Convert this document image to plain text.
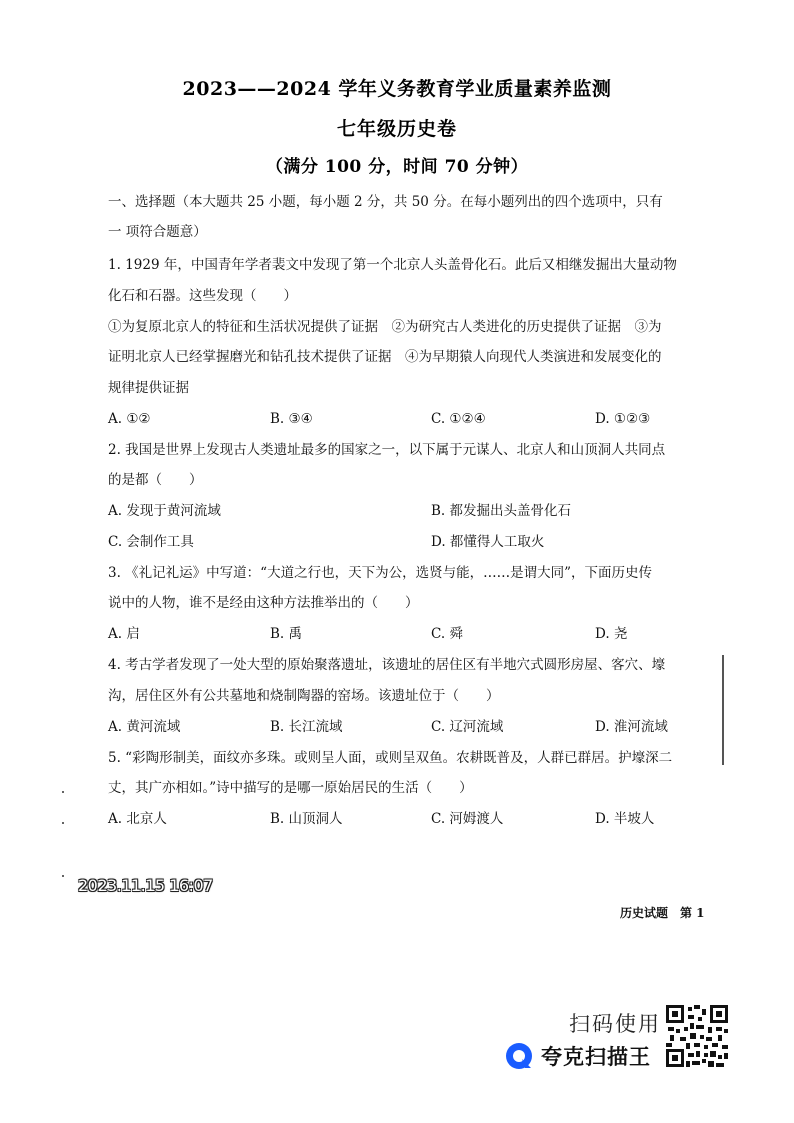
2023——2024 学年义务教育学业质量素养监测
七年级历史卷
（满分 100 分，时间 70 分钟）
一、选择题（本大题共 25 小题，每小题 2 分，共 50 分。在每小题列出的四个选项中，只有
一 项符合题意）
1. 1929 年，中国青年学者裴文中发现了第一个北京人头盖骨化石。此后又相继发掘出大量动物
化石和石器。这些发现（　　）
①为复原北京人的特征和生活状况提供了证据　②为研究古人类进化的历史提供了证据　③为
证明北京人已经掌握磨光和钻孔技术提供了证据　④为早期猿人向现代人类演进和发展变化的
规律提供证据
A. ①②	B. ③④	C. ①②④	D. ①②③
2. 我国是世界上发现古人类遗址最多的国家之一，以下属于元谋人、北京人和山顶洞人共同点
的是都（　　）
A. 发现于黄河流域	B. 都发掘出头盖骨化石
C. 会制作工具	D. 都懂得人工取火
3. 《礼记礼运》中写道：“大道之行也，天下为公，选贤与能，……是谓大同”，下面历史传
说中的人物，谁不是经由这种方法推举出的（　　）
A. 启	B. 禹	C. 舜	D. 尧
4. 考古学者发现了一处大型的原始聚落遗址，该遗址的居住区有半地穴式圆形房屋、客穴、壕
沟，居住区外有公共墓地和烧制陶器的窑场。该遗址位于（　　）
A. 黄河流域	B. 长江流域	C. 辽河流域	D. 淮河流域
5. “彩陶形制美，面纹亦多珠。或则呈人面，或则呈双鱼。农耕既普及，人群已群居。护壕深二
丈，其广亦相如。”诗中描写的是哪一原始居民的生活（　　）
A. 北京人	B. 山顶洞人	C. 河姆渡人	D. 半坡人
2023.11.15 16:07
历史试题　第 1
扫码使用
夸克扫描王
